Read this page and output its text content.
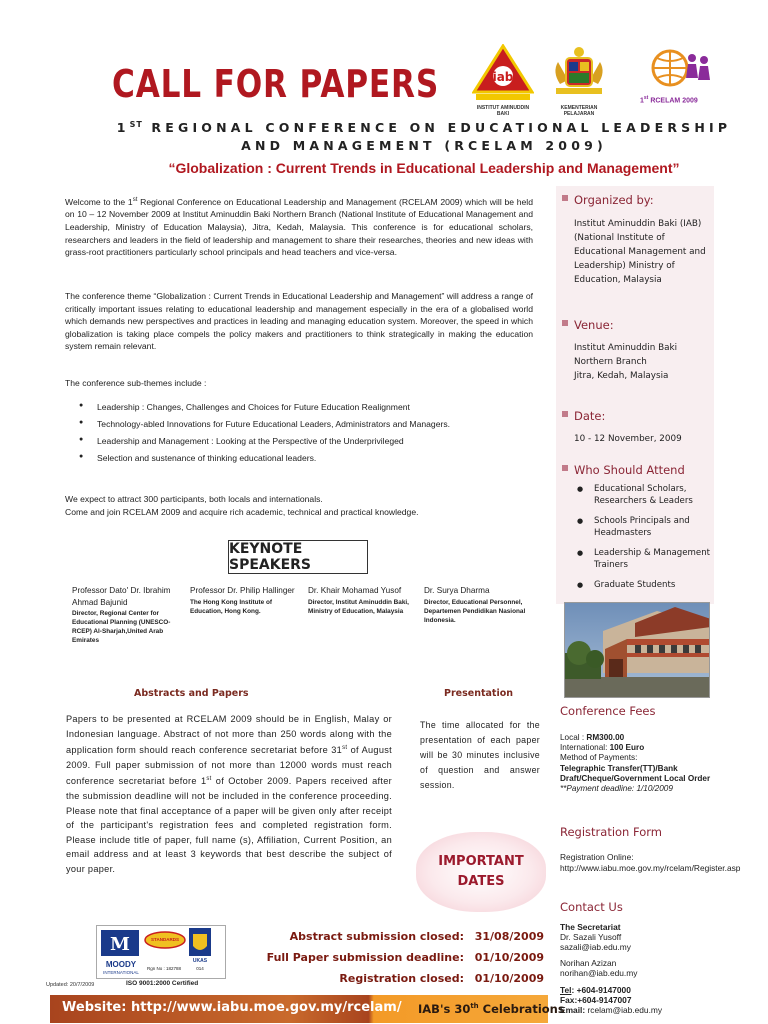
CALL FOR PAPERS	iab
INSTITUT AMINUDDIN BAKI
KEMENTERIAN PELAJARAN
1st RCELAM 2009
1ST REGIONAL CONFERENCE ON EDUCATIONAL LEADERSHIP AND MANAGEMENT (RCELAM 2009)
“Globalization : Current Trends in Educational Leadership and Management”
Welcome to the 1st Regional Conference on Educational Leadership and Management (RCELAM 2009) which will be held on 10 – 12 November 2009 at Institut Aminuddin Baki Northern Branch (National Institute of Educational Management and Leadership, Ministry of Education Malaysia), Jitra, Kedah, Malaysia. This conference is for educational scholars, researchers and leaders in the field of leadership and management to share their researches, theories and new ideas with grass-root practitioners particularly school principals and head teachers and vice-versa.
The conference theme “Globalization : Current Trends in Educational Leadership and Management” will address a range of critically important issues relating to educational leadership and management especially in the era of a globalised world which demands new perspectives and practices in leading and managing education system. Moreover, the speed in which globalization is taking place compels the policy makers and practitioners to think strategically in making the education system remain relevant.
The conference sub-themes include :
● Leadership : Changes, Challenges and Choices for Future Education Realignment
● Technology-abled Innovations for Future Educational Leaders, Administrators and Managers.
● Leadership and Management : Looking at the Perspective of the Underprivileged
● Selection and sustenance of thinking educational leaders.
We expect to attract 300 participants, both locals and internationals.
Come and join RCELAM 2009 and acquire rich academic, technical and practical knowledge.
KEYNOTE SPEAKERS
Professor Dato' Dr. Ibrahim Ahmad Bajunid
Director, Regional Center for Educational Planning (UNESCO-RCEP) Al-Sharjah,United Arab Emirates
Professor Dr. Philip Hallinger
The Hong Kong Institute of Education, Hong Kong.
Dr. Khair Mohamad Yusof
Director, Institut Aminuddin Baki, Ministry of Education, Malaysia
Dr. Surya Dharma
Director, Educational Personnel, Departemen Pendidikan Nasional Indonesia.
Abstracts and Papers
Papers to be presented at RCELAM 2009 should be in English, Malay or Indonesian language. Abstract of not more than 250 words along with the application form should reach conference secretariat before 31st of August 2009. Full paper submission of not more than 12000 words must reach conference secretariat before 1st of October 2009. Papers received after the submission deadline will not be included in the conference proceeding. Please note that final acceptance of a paper will be given only after receipt of the participant's registration fees and completed registration form. Please include title of paper, full name (s), Affiliation, Current Position, an email address and at least 3 keywords that best describe the subject of your paper.
Presentation
The time allocated for the presentation of each paper will be 30 minutes inclusive of question and answer session.
IMPORTANT
DATES
Abstract submission closed: 31/08/2009
Full Paper submission deadline: 01/10/2009
Registration closed: 01/10/2009
M
MOODY
INTERNATIONAL
STANDARDS
Rgn No : 182788
UKAS
014
Updated: 20/7/2009	ISO 9001:2000 Certified
Website: http://www.iabu.moe.gov.my/rcelam/ IAB's 30th Celebrations
Organized by:
Institut Aminuddin Baki (IAB) (National Institute of Educational Management and Leadership) Ministry of Education, Malaysia
Venue:
Institut Aminuddin Baki
Northern Branch
Jitra, Kedah, Malaysia
Date:
10 - 12 November, 2009
Who Should Attend
● Educational Scholars, Researchers & Leaders
● Schools Principals and Headmasters
● Leadership & Management Trainers
● Graduate Students
Conference Fees
Local : RM300.00
International: 100 Euro
Method of Payments:
Telegraphic Transfer(TT)/Bank Draft/Cheque/Government Local Order
**Payment deadline: 1/10/2009
Registration Form
Registration Online:
http://www.iabu.moe.gov.my/rcelam/Register.asp
Contact Us
The Secretariat
Dr. Sazali Yusoff
sazali@iab.edu.my
Norihan Azizan
norihan@iab.edu.my
Tel: +604-9147000
Fax:+604-9147007
Email: rcelam@iab.edu.my
